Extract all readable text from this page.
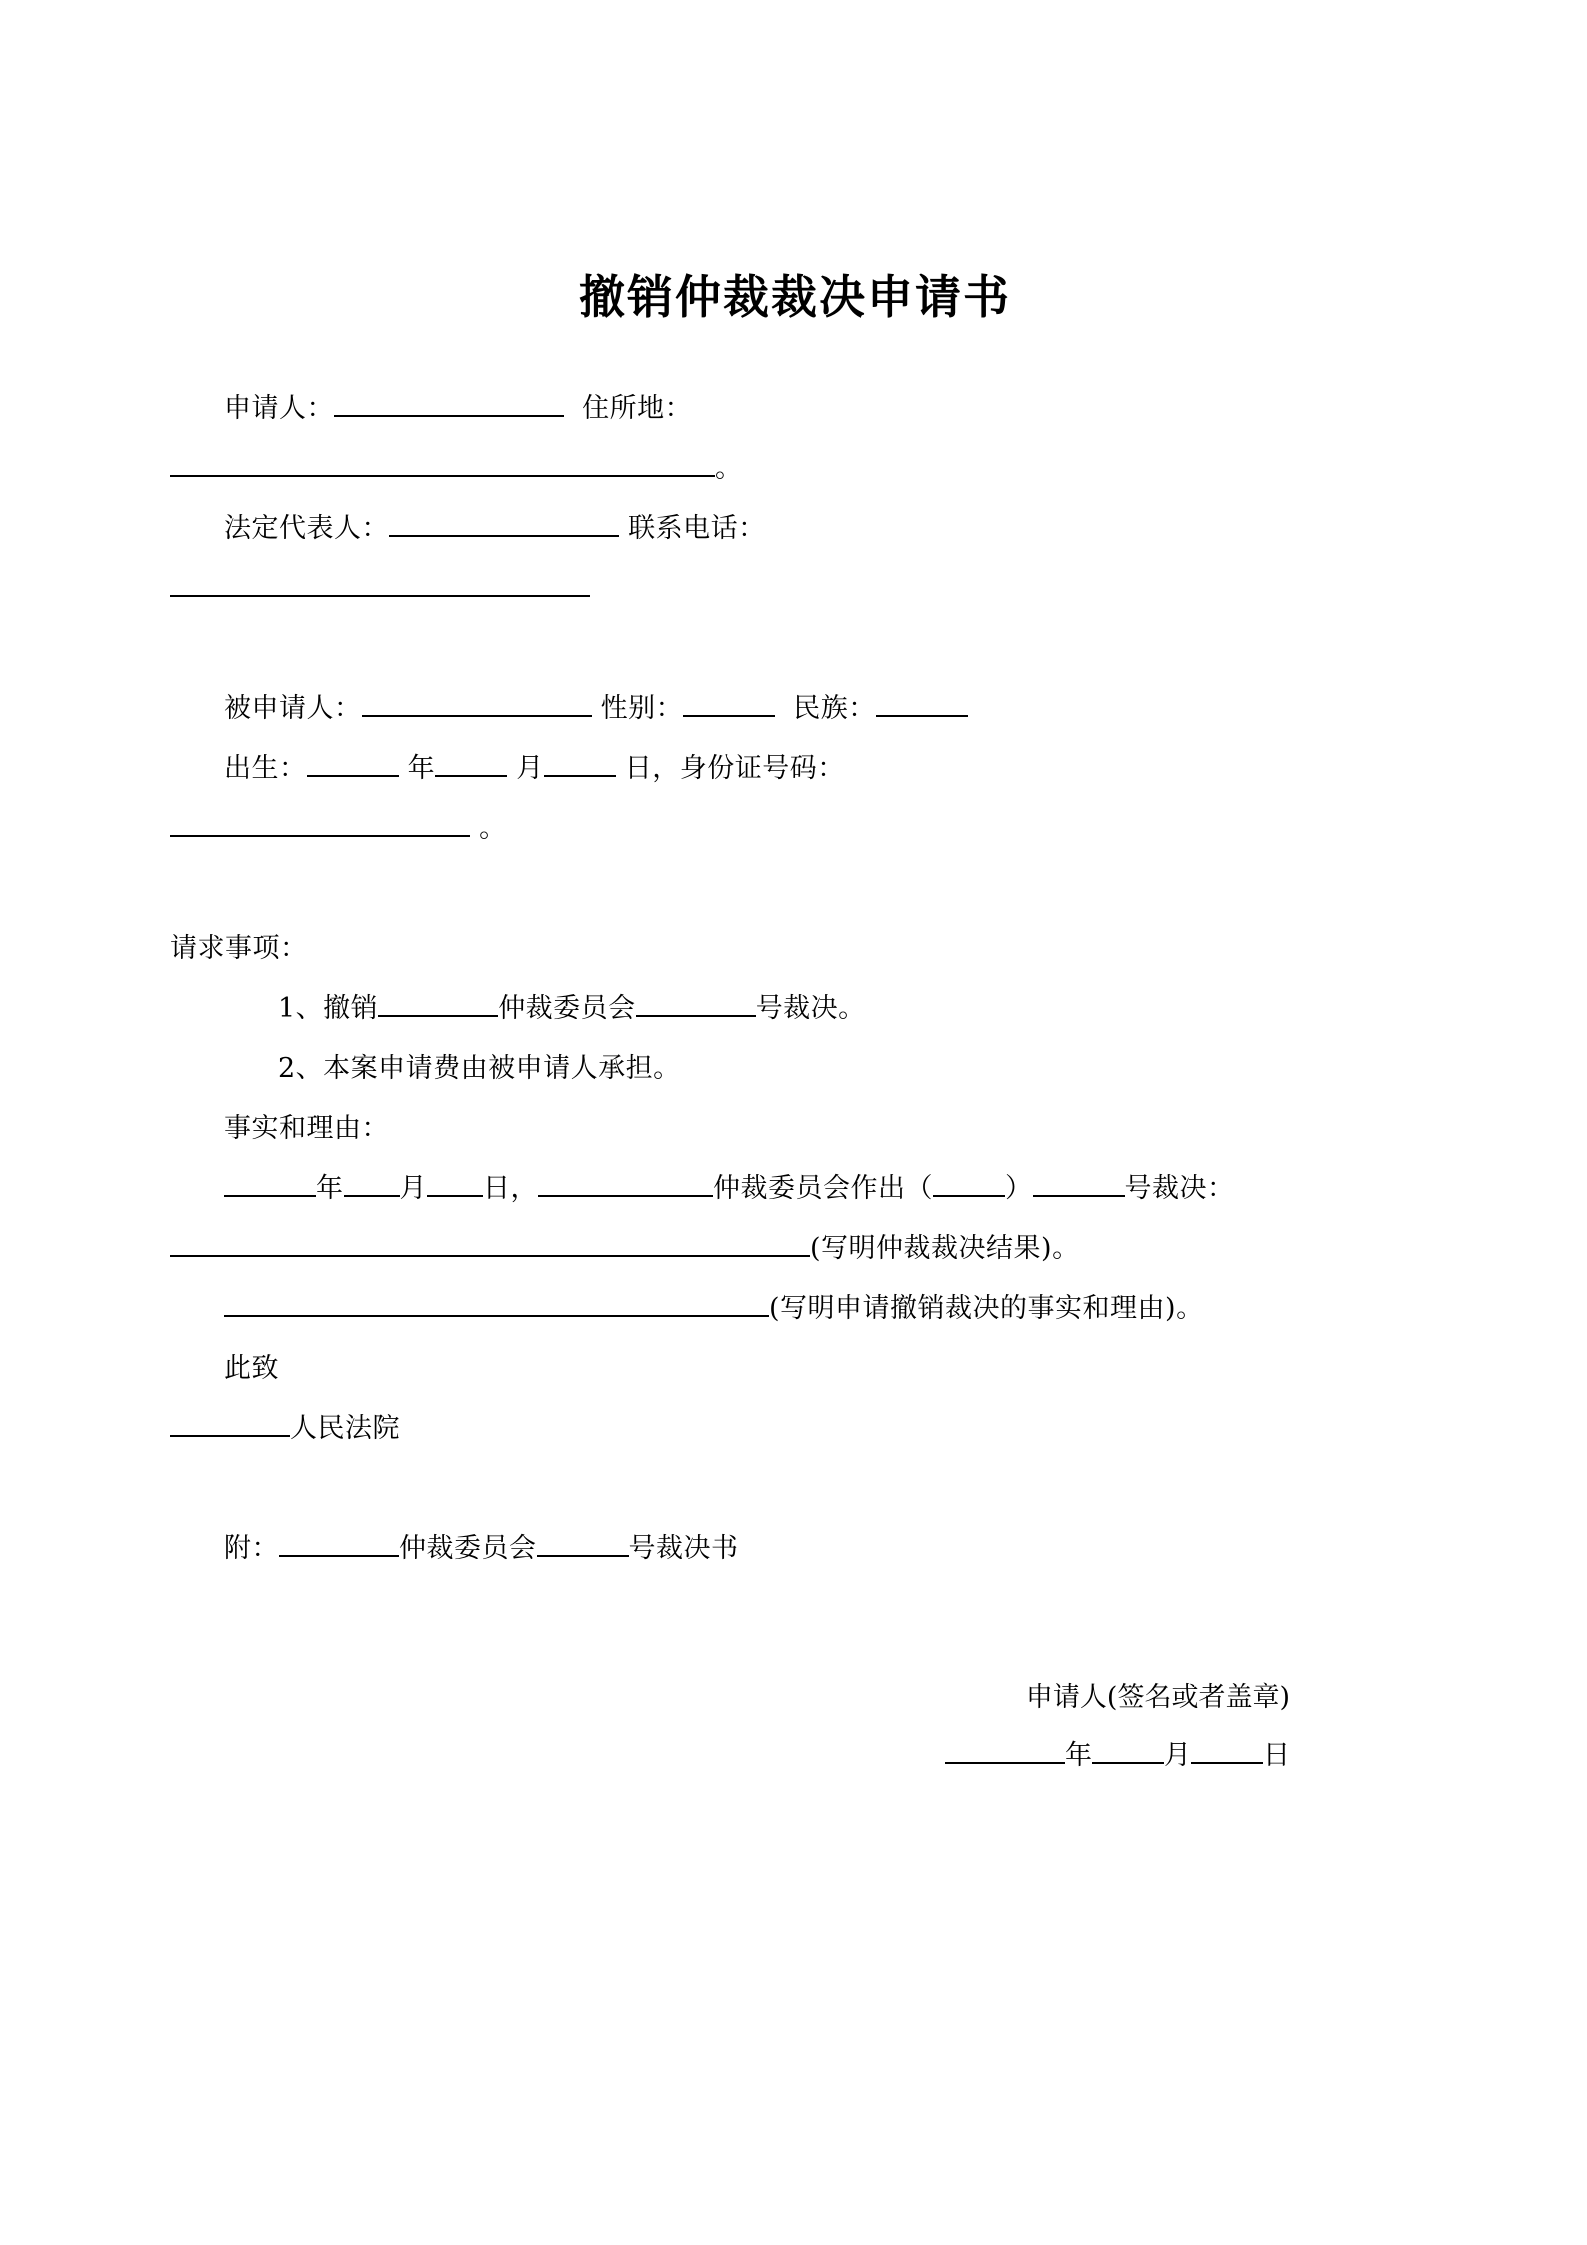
撤销仲裁裁决申请书
申请人：	住所地：
。
法定代表人：	联系电话：
被申请人：	性别：	民族：
出生：	年	月	日，身份证号码：
。
请求事项：
1、撤销	仲裁委员会	号裁决。
2、本案申请费由被申请人承担。
事实和理由：
年 月 日，	仲裁委员会作出（	）	号裁决：
(写明仲裁裁决结果)。
(写明申请撤销裁决的事实和理由)。
此致
人民法院
附：	仲裁委员会	号裁决书
申请人(签名或者盖章)
年	月	日
